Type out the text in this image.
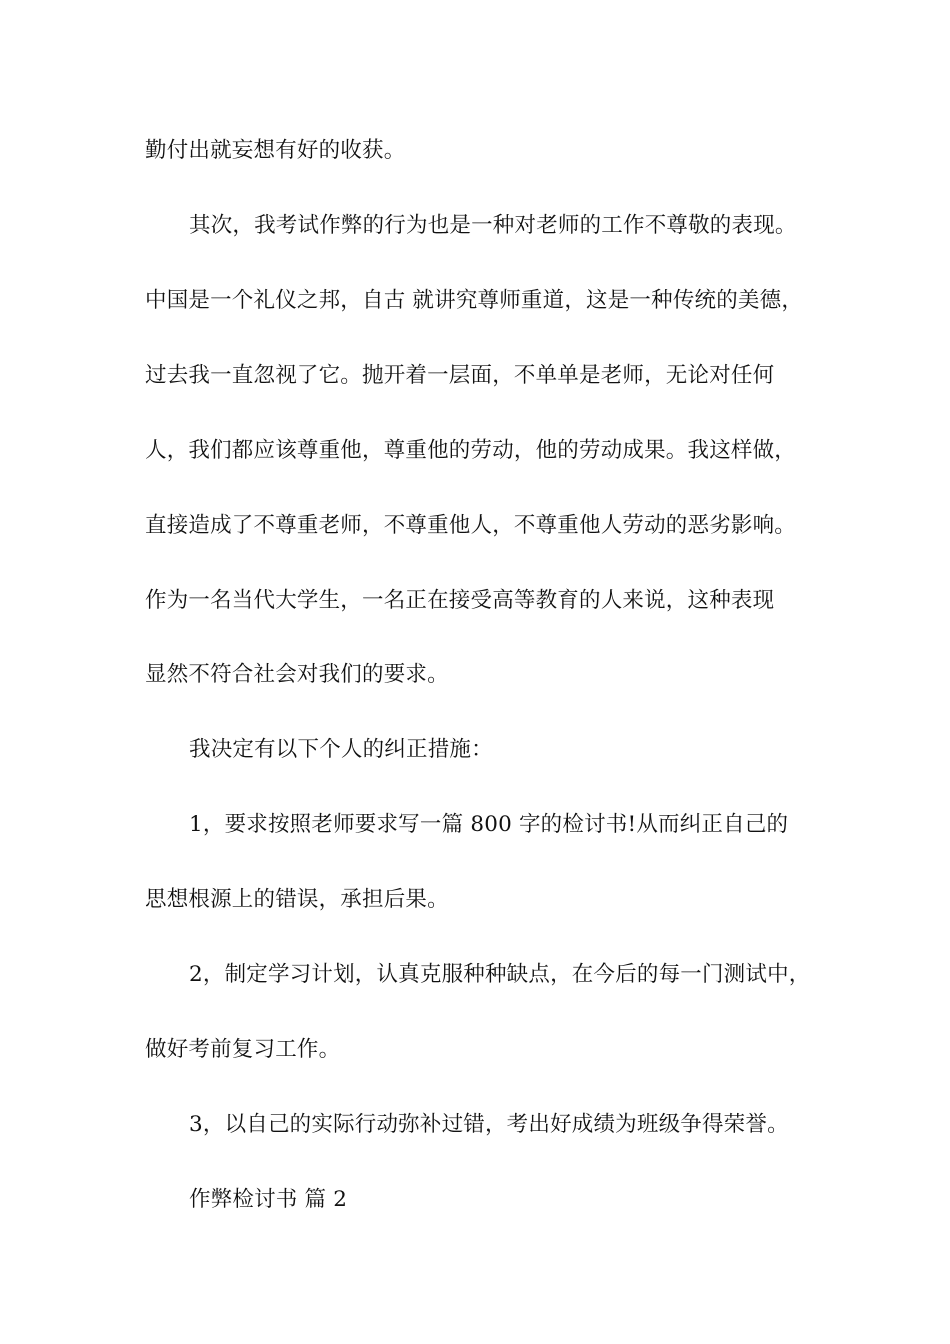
勤付出就妄想有好的收获。
其次，我考试作弊的行为也是一种对老师的工作不尊敬的表现。
中国是一个礼仪之邦，自古 就讲究尊师重道，这是一种传统的美德，
过去我一直忽视了它。抛开着一层面，不单单是老师，无论对任何
人，我们都应该尊重他，尊重他的劳动，他的劳动成果。我这样做，
直接造成了不尊重老师，不尊重他人，不尊重他人劳动的恶劣影响。
作为一名当代大学生，一名正在接受高等教育的人来说，这种表现
显然不符合社会对我们的要求。
我决定有以下个人的纠正措施：
1，要求按照老师要求写一篇 800 字的检讨书!从而纠正自己的
思想根源上的错误，承担后果。
2，制定学习计划，认真克服种种缺点，在今后的每一门测试中，
做好考前复习工作。
3，以自己的实际行动弥补过错，考出好成绩为班级争得荣誉。
作弊检讨书 篇 2
